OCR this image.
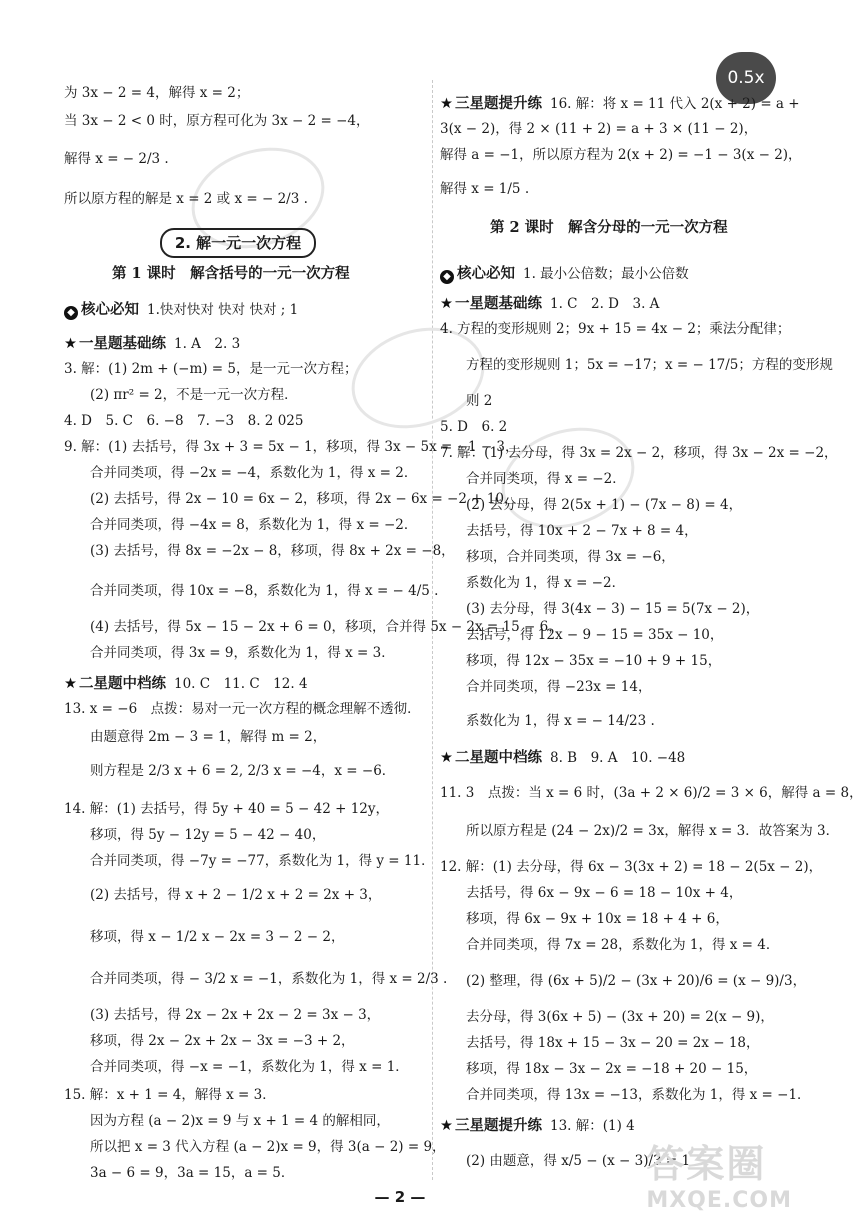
0.5x
为 3x − 2 = 4，解得 x = 2；
当 3x − 2 < 0 时，原方程可化为 3x − 2 = −4，
解得 x = − 2/3 .
所以原方程的解是 x = 2 或 x = − 2/3 .
2. 解一元一次方程
第 1 课时　解含括号的一元一次方程
◆ 核心必知 1.快对快对 快对 快对 ; 1
★ 一星题基础练 1. A　2. 3
3. 解：(1) 2m + (−m) = 5，是一元一次方程；
(2) πr² = 2，不是一元一次方程．
4. D　5. C　6. −8　7. −3　8. 2 025
9. 解：(1) 去括号，得 3x + 3 = 5x − 1，移项，得 3x − 5x = −1 − 3，
合并同类项，得 −2x = −4，系数化为 1，得 x = 2．
(2) 去括号，得 2x − 10 = 6x − 2，移项，得 2x − 6x = −2 + 10，
合并同类项，得 −4x = 8，系数化为 1，得 x = −2．
(3) 去括号，得 8x = −2x − 8，移项，得 8x + 2x = −8，
合并同类项，得 10x = −8，系数化为 1，得 x = − 4/5 .
(4) 去括号，得 5x − 15 − 2x + 6 = 0，移项，合并得 5x − 2x = 15 − 6，
合并同类项，得 3x = 9，系数化为 1，得 x = 3．
★ 二星题中档练 10. C　11. C　12. 4
13. x = −6　点拨：易对一元一次方程的概念理解不透彻．
由题意得 2m − 3 = 1，解得 m = 2，
则方程是 2/3 x + 6 = 2, 2/3 x = −4，x = −6．
14. 解：(1) 去括号，得 5y + 40 = 5 − 42 + 12y，
移项，得 5y − 12y = 5 − 42 − 40，
合并同类项，得 −7y = −77，系数化为 1，得 y = 11．
(2) 去括号，得 x + 2 − 1/2 x + 2 = 2x + 3，
移项，得 x − 1/2 x − 2x = 3 − 2 − 2，
合并同类项，得 − 3/2 x = −1，系数化为 1，得 x = 2/3 .
(3) 去括号，得 2x − 2x + 2x − 2 = 3x − 3，
移项，得 2x − 2x + 2x − 3x = −3 + 2，
合并同类项，得 −x = −1，系数化为 1，得 x = 1．
15. 解：x + 1 = 4，解得 x = 3．
因为方程 (a − 2)x = 9 与 x + 1 = 4 的解相同，
所以把 x = 3 代入方程 (a − 2)x = 9，得 3(a − 2) = 9，
3a − 6 = 9，3a = 15，a = 5．
★ 三星题提升练 16. 解：将 x = 11 代入 2(x + 2) = a +
3(x − 2)，得 2 × (11 + 2) = a + 3 × (11 − 2)，
解得 a = −1，所以原方程为 2(x + 2) = −1 − 3(x − 2)，
解得 x = 1/5 .
第 2 课时　解含分母的一元一次方程
◆ 核心必知 1. 最小公倍数；最小公倍数
★ 一星题基础练 1. C　2. D　3. A
4. 方程的变形规则 2；9x + 15 = 4x − 2；乘法分配律；
方程的变形规则 1；5x = −17；x = − 17/5；方程的变形规
则 2
5. D　6. 2
7. 解：(1) 去分母，得 3x = 2x − 2，移项，得 3x − 2x = −2，
合并同类项，得 x = −2．
(2) 去分母，得 2(5x + 1) − (7x − 8) = 4，
去括号，得 10x + 2 − 7x + 8 = 4，
移项，合并同类项，得 3x = −6，
系数化为 1，得 x = −2．
(3) 去分母，得 3(4x − 3) − 15 = 5(7x − 2)，
去括号，得 12x − 9 − 15 = 35x − 10，
移项，得 12x − 35x = −10 + 9 + 15，
合并同类项，得 −23x = 14，
系数化为 1，得 x = − 14/23 .
★ 二星题中档练 8. B　9. A　10. −48
11. 3　点拨：当 x = 6 时，(3a + 2 × 6)/2 = 3 × 6，解得 a = 8，
所以原方程是 (24 − 2x)/2 = 3x，解得 x = 3．故答案为 3．
12. 解：(1) 去分母，得 6x − 3(3x + 2) = 18 − 2(5x − 2)，
去括号，得 6x − 9x − 6 = 18 − 10x + 4，
移项，得 6x − 9x + 10x = 18 + 4 + 6，
合并同类项，得 7x = 28，系数化为 1，得 x = 4．
(2) 整理，得 (6x + 5)/2 − (3x + 20)/6 = (x − 9)/3，
去分母，得 3(6x + 5) − (3x + 20) = 2(x − 9)，
去括号，得 18x + 15 − 3x − 20 = 2x − 18，
移项，得 18x − 3x − 2x = −18 + 20 − 15，
合并同类项，得 13x = −13，系数化为 1，得 x = −1．
★ 三星题提升练 13. 解：(1) 4
(2) 由题意，得 x/5 − (x − 3)/3 = 1
— 2 —
答案圈
MXQE.COM
